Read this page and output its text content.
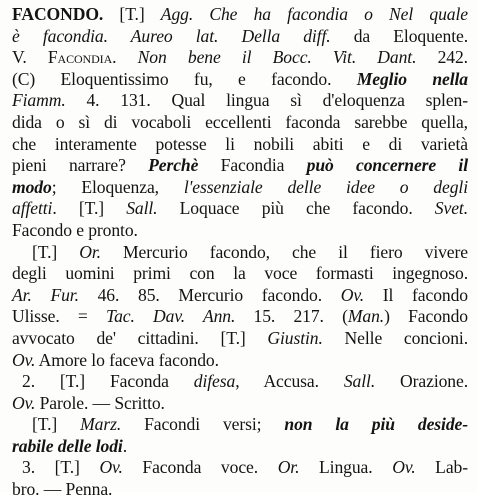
FACONDO. [T.] Agg. Che ha facondia o Nel quale
è facondia. Aureo lat. Della diff. da Eloquente.
V. Facondia. Non bene il Bocc. Vit. Dant. 242.
(C) Eloquentissimo fu, e facondo. Meglio nella
Fiamm. 4. 131. Qual lingua sì d'eloquenza splen-
dida o sì di vocaboli eccellenti faconda sarebbe quella,
che interamente potesse li nobili abiti e di varietà
pieni narrare? Perchè Facondia può concernere il
modo; Eloquenza, l'essenziale delle idee o degli
affetti. [T.] Sall. Loquace più che facondo. Svet.
Facondo e pronto.
[T.] Or. Mercurio facondo, che il fiero vivere
degli uomini primi con la voce formasti ingegnoso.
Ar. Fur. 46. 85. Mercurio facondo. Ov. Il facondo
Ulisse. = Tac. Dav. Ann. 15. 217. (Man.) Facondo
avvocato de' cittadini. [T.] Giustin. Nelle concioni.
Ov. Amore lo faceva facondo.
2. [T.] Faconda difesa, Accusa. Sall. Orazione.
Ov. Parole. — Scritto.
[T.] Marz. Facondi versi; non la più deside-
rabile delle lodi.
3. [T.] Ov. Faconda voce. Or. Lingua. Ov. Lab-
bro. — Penna.
